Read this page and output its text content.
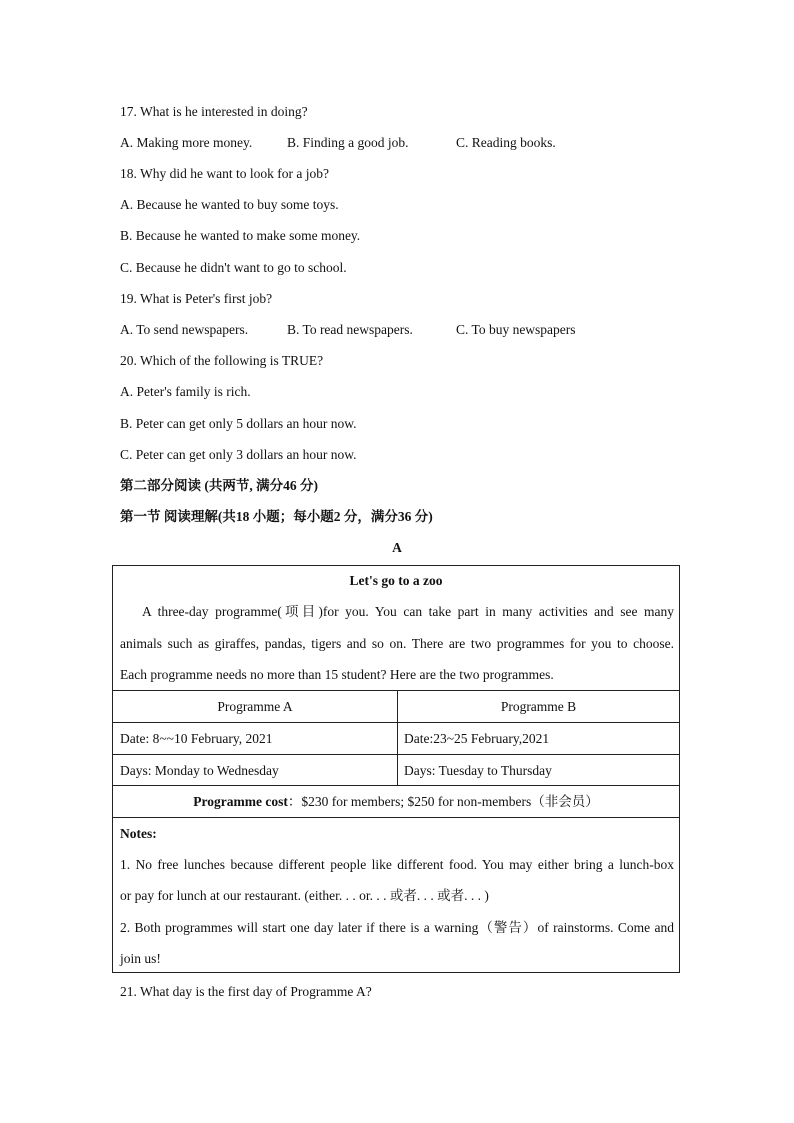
17. What is he interested in doing?
A. Making more money.	B. Finding a good job.	C. Reading books.
18. Why did he want to look for a job?
A. Because he wanted to buy some toys.
B. Because he wanted to make some money.
C. Because he didn't want to go to school.
19. What is Peter's first job?
A. To send newspapers.	B. To read newspapers.	C. To buy newspapers
20. Which of the following is TRUE?
A. Peter's family is rich.
B. Peter can get only 5 dollars an hour now.
C. Peter can get only 3 dollars an hour now.
第二部分阅读 (共两节, 满分46 分)
第一节 阅读理解(共18 小题；每小题2 分，满分36 分)
A
Let's go to a zoo
A three-day programme(项目)for you. You can take part in many activities and see many
animals such as giraffes, pandas, tigers and so on. There are two programmes for you to choose.
Each programme needs no more than 15 student? Here are the two programmes.
Programme A	Programme B
Date: 8~~10 February, 2021	Date:23~25 February,2021
Days: Monday to Wednesday	Days: Tuesday to Thursday
Programme cost：$230 for members; $250 for non-members（非会员）
Notes:
1. No free lunches because different people like different food. You may either bring a lunch-box
or pay for lunch at our restaurant. (either. . . or. . . 或者. . . 或者. . . )
2. Both programmes will start one day later if there is a warning（警告）of rainstorms. Come and
join us!
21. What day is the first day of Programme A?
